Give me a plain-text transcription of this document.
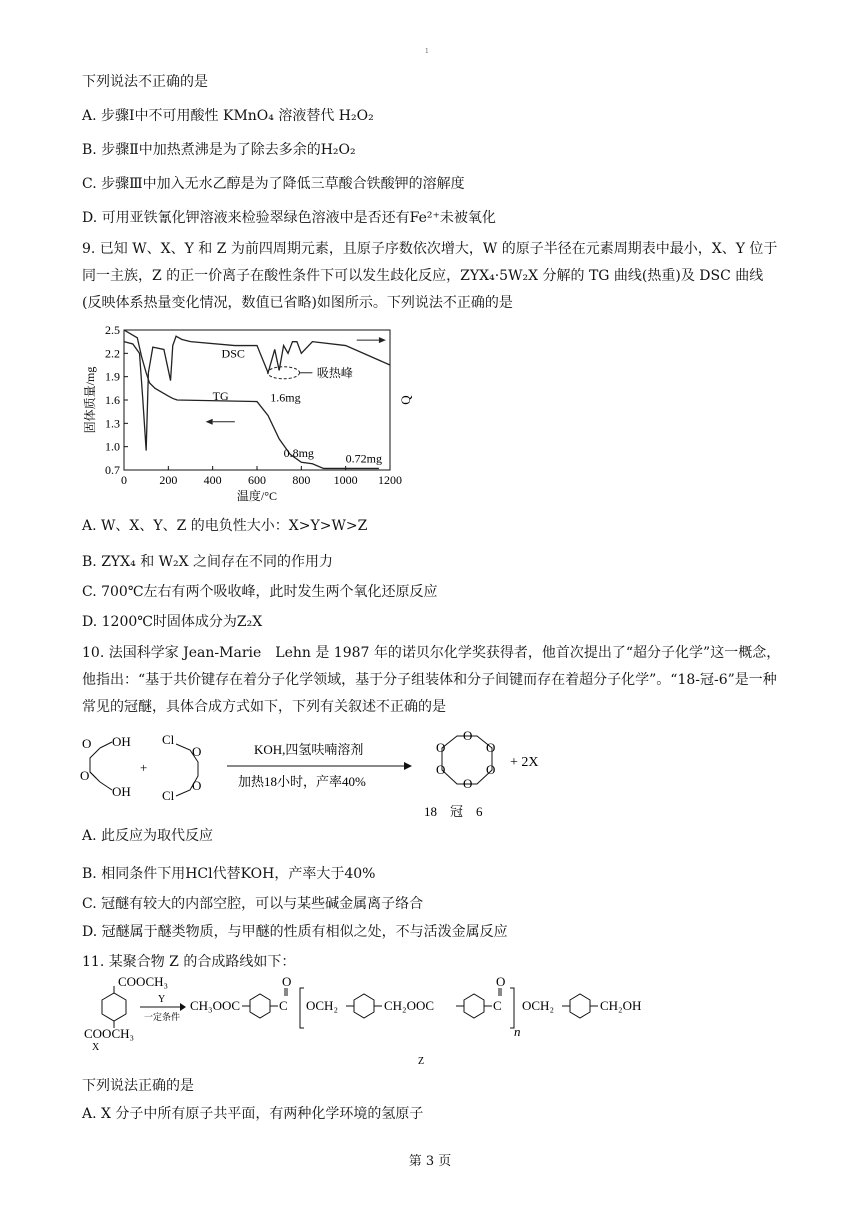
1
下列说法不正确的是
A. 步骤Ⅰ中不可用酸性 KMnO₄ 溶液替代 H₂O₂
B. 步骤Ⅱ中加热煮沸是为了除去多余的H₂O₂
C. 步骤Ⅲ中加入无水乙醇是为了降低三草酸合铁酸钾的溶解度
D. 可用亚铁氰化钾溶液来检验翠绿色溶液中是否还有Fe²⁺未被氧化
9. 已知 W、X、Y 和 Z 为前四周期元素，且原子序数依次增大，W 的原子半径在元素周期表中最小，X、Y 位于同一主族，Z 的正一价离子在酸性条件下可以发生歧化反应，ZYX₄·5W₂X 分解的 TG 曲线(热重)及 DSC 曲线(反映体系热量变化情况，数值已省略)如图所示。下列说法不正确的是
0	200 400 600 800 1000 1200
0.7
1.0
1.3
1.6
1.9
2.2
2.5
温度/°C
固体质量/mg	Q
DSC
TG	1.6mg
0.8mg	0.72mg
吸热峰
A. W、X、Y、Z 的电负性大小：X>Y>W>Z
B. ZYX₄ 和 W₂X 之间存在不同的作用力
C. 700℃左右有两个吸收峰，此时发生两个氧化还原反应
D. 1200℃时固体成分为Z₂X
10. 法国科学家 Jean-Marie　Lehn 是 1987 年的诺贝尔化学奖获得者，他首次提出了“超分子化学”这一概念，他指出：“基于共价键存在着分子化学领域，基于分子组装体和分子间键而存在着超分子化学”。“18-冠-6”是一种常见的冠醚，具体合成方式如下，下列有关叙述不正确的是
O
O
OH
OH
+
Cl
Cl
O
O
KOH,四氢呋喃溶剂
加热18小时，产率40%
O
O
O
O
O
O
18　冠　6
+ 2X
A. 此反应为取代反应
B. 相同条件下用HCl代替KOH，产率大于40%
C. 冠醚有较大的内部空腔，可以与某些碱金属离子络合
D. 冠醚属于醚类物质，与甲醚的性质有相似之处，不与活泼金属反应
11. 某聚合物 Z 的合成路线如下：
COOCH₃
COOCH₃
X
Y
一定条件
CH₃OOC
O
C OCH₂	CH₂OOC
O
C
n
OCH₂	CH₂OH
Z
下列说法正确的是
A. X 分子中所有原子共平面，有两种化学环境的氢原子
第 3 页
